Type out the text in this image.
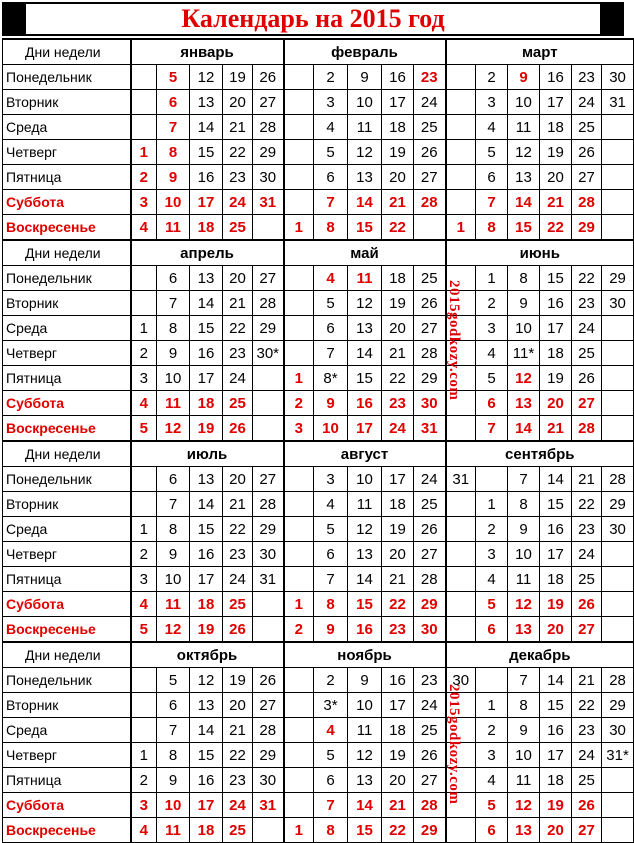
Календарь на 2015 год
Дни недели	январь					февраль					март					
Понедельник		5	12	19	26		2	9	16	23		2	9	16	23	30
Вторник		6	13	20	27		3	10	17	24		3	10	17	24	31
Среда		7	14	21	28		4	11	18	25		4	11	18	25	
Четверг	1	8	15	22	29		5	12	19	26		5	12	19	26	
Пятница	2	9	16	23	30		6	13	20	27		6	13	20	27	
Суббота	3	10	17	24	31		7	14	21	28		7	14	21	28	
Воскресенье	4	11	18	25		1	8	15	22		1	8	15	22	29	
Дни недели	апрель					май					июнь					
Понедельник		6	13	20	27		4	11	18	25		1	8	15	22	29
Вторник		7	14	21	28		5	12	19	26		2	9	16	23	30
Среда	1	8	15	22	29		6	13	20	27		3	10	17	24	
Четверг	2	9	16	23	30*		7	14	21	28		4	11*	18	25	
Пятница	3	10	17	24		1	8*	15	22	29		5	12	19	26	
Суббота	4	11	18	25		2	9	16	23	30		6	13	20	27	
Воскресенье	5	12	19	26		3	10	17	24	31		7	14	21	28	
Дни недели	июль					август					сентябрь					
Понедельник		6	13	20	27		3	10	17	24	31		7	14	21	28
Вторник		7	14	21	28		4	11	18	25		1	8	15	22	29
Среда	1	8	15	22	29		5	12	19	26		2	9	16	23	30
Четверг	2	9	16	23	30		6	13	20	27		3	10	17	24	
Пятница	3	10	17	24	31		7	14	21	28		4	11	18	25	
Суббота	4	11	18	25		1	8	15	22	29		5	12	19	26	
Воскресенье	5	12	19	26		2	9	16	23	30		6	13	20	27	
Дни недели	октябрь					ноябрь					декабрь					
Понедельник		5	12	19	26		2	9	16	23	30		7	14	21	28
Вторник		6	13	20	27		3*	10	17	24		1	8	15	22	29
Среда		7	14	21	28		4	11	18	25		2	9	16	23	30
Четверг	1	8	15	22	29		5	12	19	26		3	10	17	24	31*
Пятница	2	9	16	23	30		6	13	20	27		4	11	18	25	
Суббота	3	10	17	24	31		7	14	21	28		5	12	19	26	
Воскресенье	4	11	18	25		1	8	15	22	29		6	13	20	27	
2015godkozy.com
2015godkozy.com
